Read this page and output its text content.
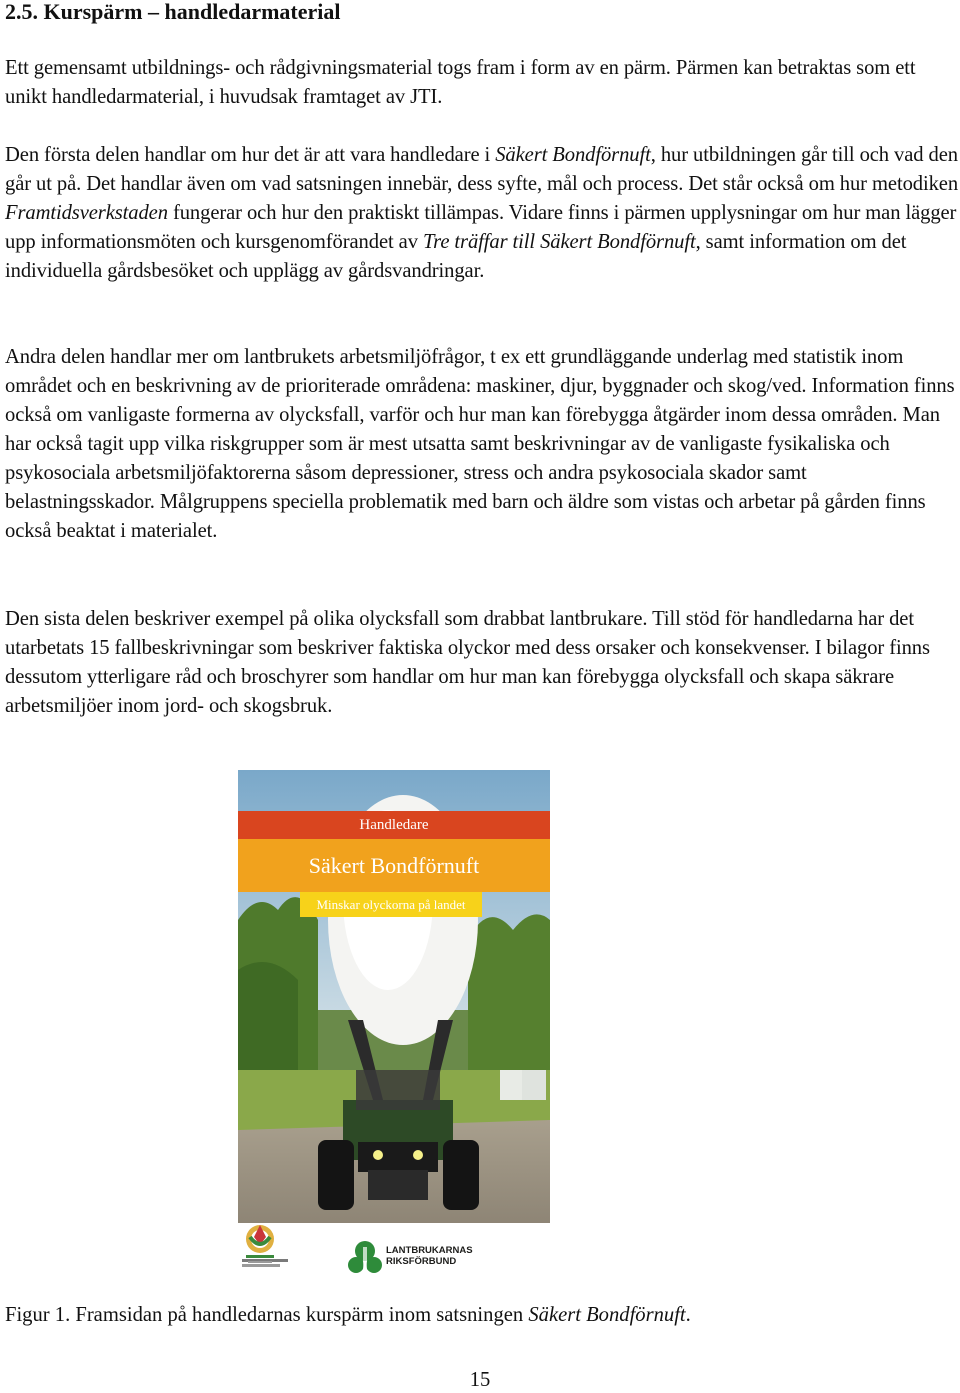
2.5. Kurspärm – handledarmaterial

Ett gemensamt utbildnings- och rådgivningsmaterial togs fram i form av en pärm. Pärmen kan betraktas som ett unikt handledarmaterial, i huvudsak framtaget av JTI.

Den första delen handlar om hur det är att vara handledare i Säkert Bondförnuft, hur utbildningen går till och vad den går ut på. Det handlar även om vad satsningen innebär, dess syfte, mål och process. Det står också om hur metodiken Framtidsverkstaden fungerar och hur den praktiskt tillämpas. Vidare finns i pärmen upplysningar om hur man lägger upp informationsmöten och kursgenomförandet av Tre träffar till Säkert Bondförnuft, samt information om det individuella gårdsbesöket och upplägg av gårdsvandringar.

Andra delen handlar mer om lantbrukets arbetsmiljöfrågor, t ex ett grundläggande underlag med statistik inom området och en beskrivning av de prioriterade områdena: maskiner, djur, byggnader och skog/ved. Information finns också om vanligaste formerna av olycksfall, varför och hur man kan förebygga åtgärder inom dessa områden. Man har också tagit upp vilka riskgrupper som är mest utsatta samt beskrivningar av de vanligaste fysikaliska och psykosociala arbetsmiljöfaktorerna såsom depressioner, stress och andra psykosociala skador samt belastningsskador. Målgruppens speciella problematik med barn och äldre som vistas och arbetar på gården finns också beaktat i materialet.

Den sista delen beskriver exempel på olika olycksfall som drabbat lantbrukare. Till stöd för handledarna har det utarbetats 15 fallbeskrivningar som beskriver faktiska olyckor med dess orsaker och konsekvenser. I bilagor finns dessutom ytterligare råd och broschyrer som handlar om hur man kan förebygga olycksfall och skapa säkrare arbetsmiljöer inom jord- och skogsbruk.

Handledare
Säkert Bondförnuft
Minskar olyckorna på landet
LANTBRUKARNAS
RIKSFÖRBUND

Figur 1. Framsidan på handledarnas kurspärm inom satsningen Säkert Bondförnuft.

15
